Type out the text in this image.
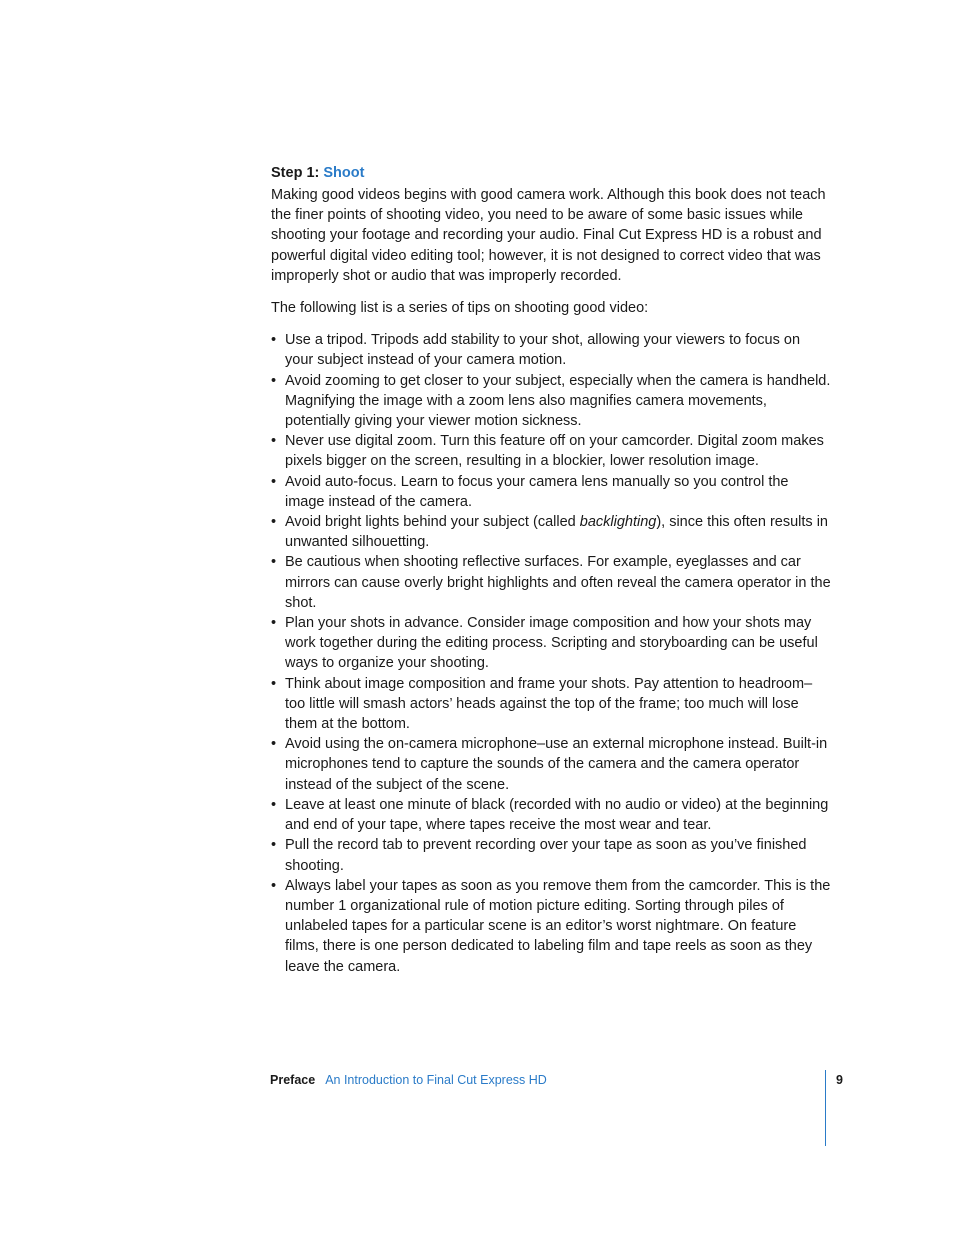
Step 1: Shoot

Making good videos begins with good camera work. Although this book does not teach the finer points of shooting video, you need to be aware of some basic issues while shooting your footage and recording your audio. Final Cut Express HD is a robust and powerful digital video editing tool; however, it is not designed to correct video that was improperly shot or audio that was improperly recorded.

The following list is a series of tips on shooting good video:

• Use a tripod. Tripods add stability to your shot, allowing your viewers to focus on your subject instead of your camera motion.
• Avoid zooming to get closer to your subject, especially when the camera is handheld. Magnifying the image with a zoom lens also magnifies camera movements, potentially giving your viewer motion sickness.
• Never use digital zoom. Turn this feature off on your camcorder. Digital zoom makes pixels bigger on the screen, resulting in a blockier, lower resolution image.
• Avoid auto-focus. Learn to focus your camera lens manually so you control the image instead of the camera.
• Avoid bright lights behind your subject (called backlighting), since this often results in unwanted silhouetting.
• Be cautious when shooting reflective surfaces. For example, eyeglasses and car mirrors can cause overly bright highlights and often reveal the camera operator in the shot.
• Plan your shots in advance. Consider image composition and how your shots may work together during the editing process. Scripting and storyboarding can be useful ways to organize your shooting.
• Think about image composition and frame your shots. Pay attention to headroom–too little will smash actors’ heads against the top of the frame; too much will lose them at the bottom.
• Avoid using the on-camera microphone–use an external microphone instead. Built-in microphones tend to capture the sounds of the camera and the camera operator instead of the subject of the scene.
• Leave at least one minute of black (recorded with no audio or video) at the beginning and end of your tape, where tapes receive the most wear and tear.
• Pull the record tab to prevent recording over your tape as soon as you’ve finished shooting.
• Always label your tapes as soon as you remove them from the camcorder. This is the number 1 organizational rule of motion picture editing. Sorting through piles of unlabeled tapes for a particular scene is an editor’s worst nightmare. On feature films, there is one person dedicated to labeling film and tape reels as soon as they leave the camera.
Preface An Introduction to Final Cut Express HD	9
